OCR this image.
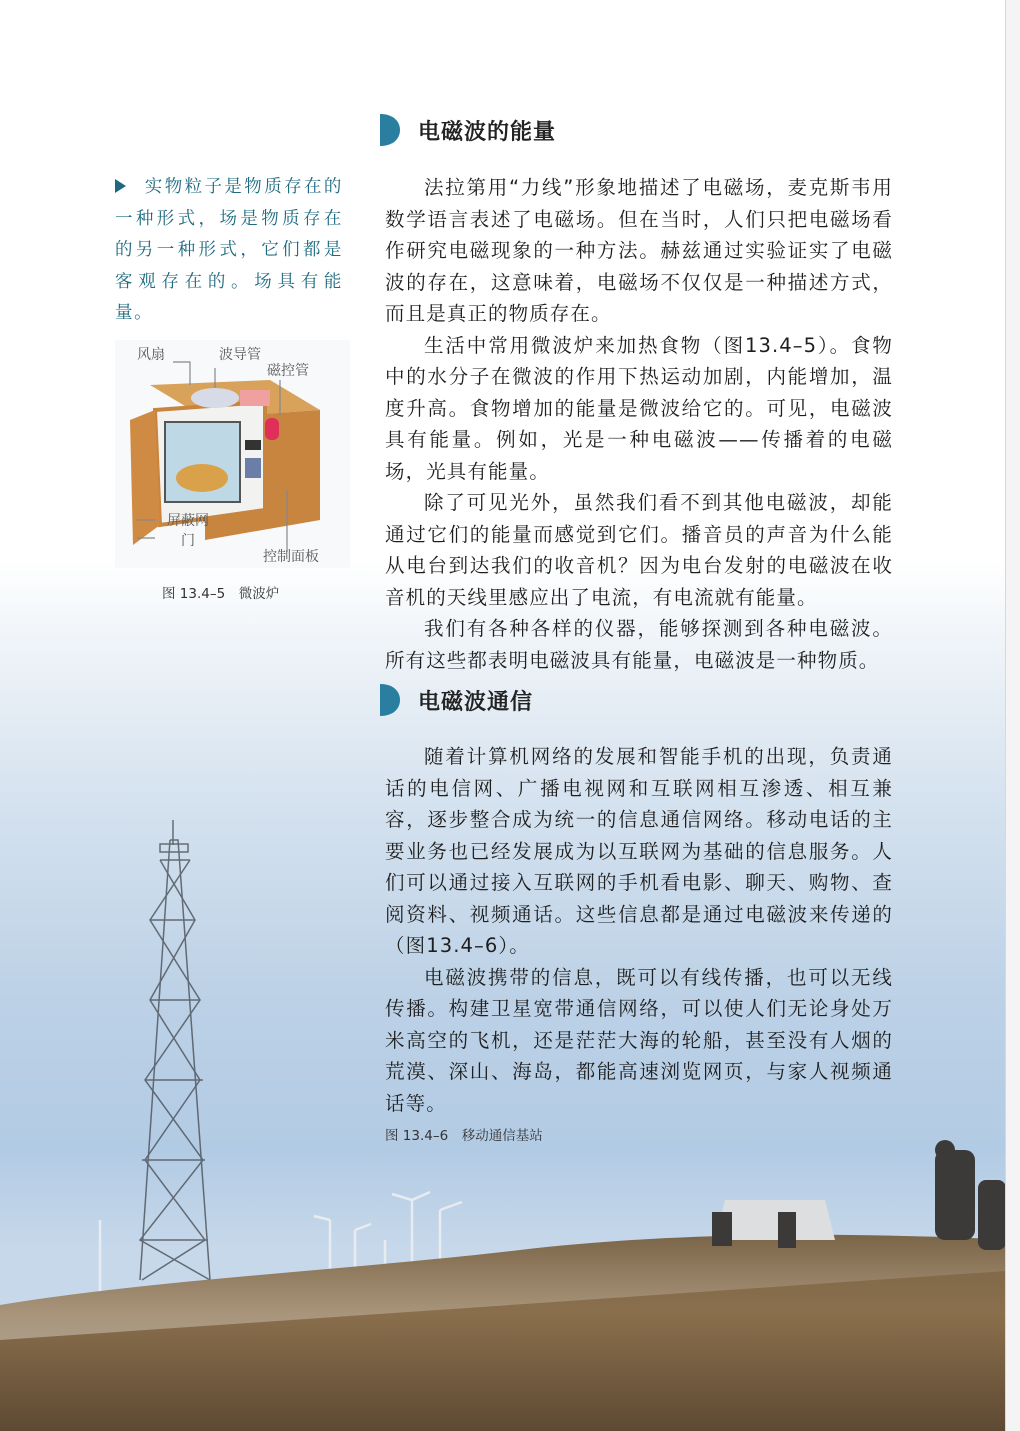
电磁波的能量

法拉第用“力线”形象地描述了电磁场，麦克斯韦用数学语言表述了电磁场。但在当时，人们只把电磁场看作研究电磁现象的一种方法。赫兹通过实验证实了电磁波的存在，这意味着，电磁场不仅仅是一种描述方式，而且是真正的物质存在。

生活中常用微波炉来加热食物（图13.4–5）。食物中的水分子在微波的作用下热运动加剧，内能增加，温度升高。食物增加的能量是微波给它的。可见，电磁波具有能量。例如，光是一种电磁波——传播着的电磁场，光具有能量。

除了可见光外，虽然我们看不到其他电磁波，却能通过它们的能量而感觉到它们。播音员的声音为什么能从电台到达我们的收音机？因为电台发射的电磁波在收音机的天线里感应出了电流，有电流就有能量。

我们有各种各样的仪器，能够探测到各种电磁波。所有这些都表明电磁波具有能量，电磁波是一种物质。

实物粒子是物质存在的一种形式，场是物质存在的另一种形式，它们都是客观存在的。场具有能量。
风扇	波导管
磁控管
屏蔽网
门
控制面板
图 13.4–5　微波炉
电磁波通信

随着计算机网络的发展和智能手机的出现，负责通话的电信网、广播电视网和互联网相互渗透、相互兼容，逐步整合成为统一的信息通信网络。移动电话的主要业务也已经发展成为以互联网为基础的信息服务。人们可以通过接入互联网的手机看电影、聊天、购物、查阅资料、视频通话。这些信息都是通过电磁波来传递的（图13.4–6）。

电磁波携带的信息，既可以有线传播，也可以无线传播。构建卫星宽带通信网络，可以使人们无论身处万米高空的飞机，还是茫茫大海的轮船，甚至没有人烟的荒漠、深山、海岛，都能高速浏览网页，与家人视频通话等。

图 13.4–6　移动通信基站
